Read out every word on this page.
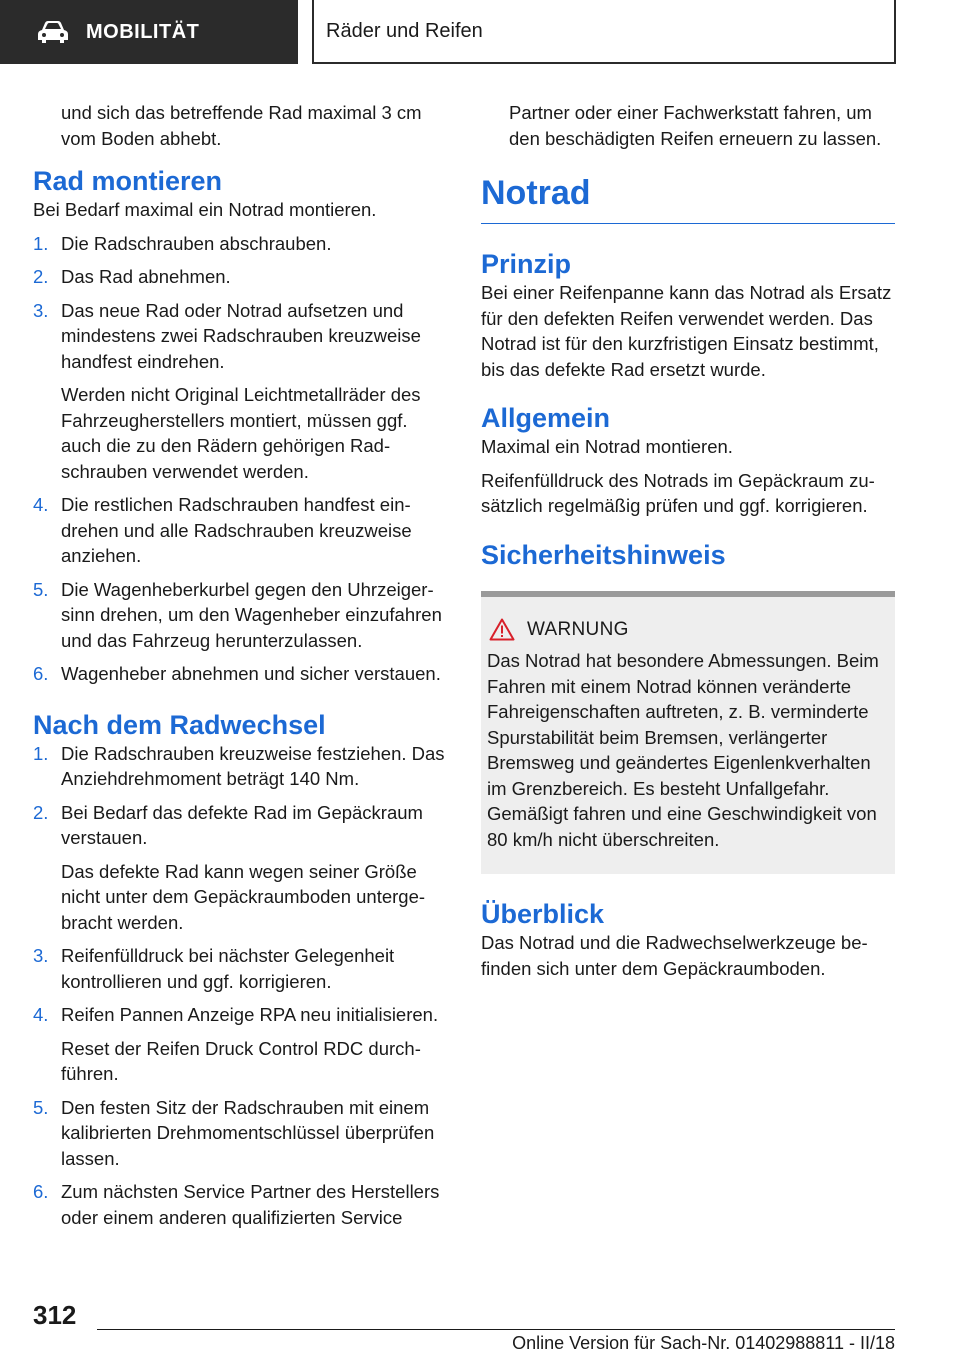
MOBILITÄT	Räder und Reifen

und sich das betreffende Rad maximal 3 cm vom Boden abhebt.

Rad montieren

Bei Bedarf maximal ein Notrad montieren.

1. Die Radschrauben abschrauben.
2. Das Rad abnehmen.
3. Das neue Rad oder Notrad aufsetzen und mindestens zwei Radschrauben kreuzweise handfest eindrehen.
Werden nicht Original Leichtmetallräder des Fahrzeugherstellers montiert, müssen ggf. auch die zu den Rädern gehörigen Radschrauben verwendet werden.
4. Die restlichen Radschrauben handfest eindrehen und alle Radschrauben kreuzweise anziehen.
5. Die Wagenheberkurbel gegen den Uhrzeigersinn drehen, um den Wagenheber einzufahren und das Fahrzeug herunterzulassen.
6. Wagenheber abnehmen und sicher verstauen.
Nach dem Radwechsel
1. Die Radschrauben kreuzweise festziehen. Das Anziehdrehmoment beträgt 140 Nm.
2. Bei Bedarf das defekte Rad im Gepäckraum verstauen.
Das defekte Rad kann wegen seiner Größe nicht unter dem Gepäckraumboden untergebracht werden.
3. Reifenfülldruck bei nächster Gelegenheit kontrollieren und ggf. korrigieren.
4. Reifen Pannen Anzeige RPA neu initialisieren.
Reset der Reifen Druck Control RDC durchführen.
5. Den festen Sitz der Radschrauben mit einem kalibrierten Drehmomentschlüssel überprüfen lassen.
6. Zum nächsten Service Partner des Herstellers oder einem anderen qualifizierten Service

Partner oder einer Fachwerkstatt fahren, um den beschädigten Reifen erneuern zu lassen.

Notrad
Prinzip

Bei einer Reifenpanne kann das Notrad als Ersatz für den defekten Reifen verwendet werden. Das Notrad ist für den kurzfristigen Einsatz bestimmt, bis das defekte Rad ersetzt wurde.

Allgemein

Maximal ein Notrad montieren.

Reifenfülldruck des Notrads im Gepäckraum zusätzlich regelmäßig prüfen und ggf. korrigieren.

Sicherheitshinweis
WARNUNG

Das Notrad hat besondere Abmessungen. Beim Fahren mit einem Notrad können veränderte Fahreigenschaften auftreten, z. B. verminderte Spurstabilität beim Bremsen, verlängerter Bremsweg und geändertes Eigenlenkverhalten im Grenzbereich. Es besteht Unfallgefahr. Gemäßigt fahren und eine Geschwindigkeit von 80 km/h nicht überschreiten.

Überblick

Das Notrad und die Radwechselwerkzeuge befinden sich unter dem Gepäckraumboden.

312
Online Version für Sach-Nr. 01402988811 - II/18
